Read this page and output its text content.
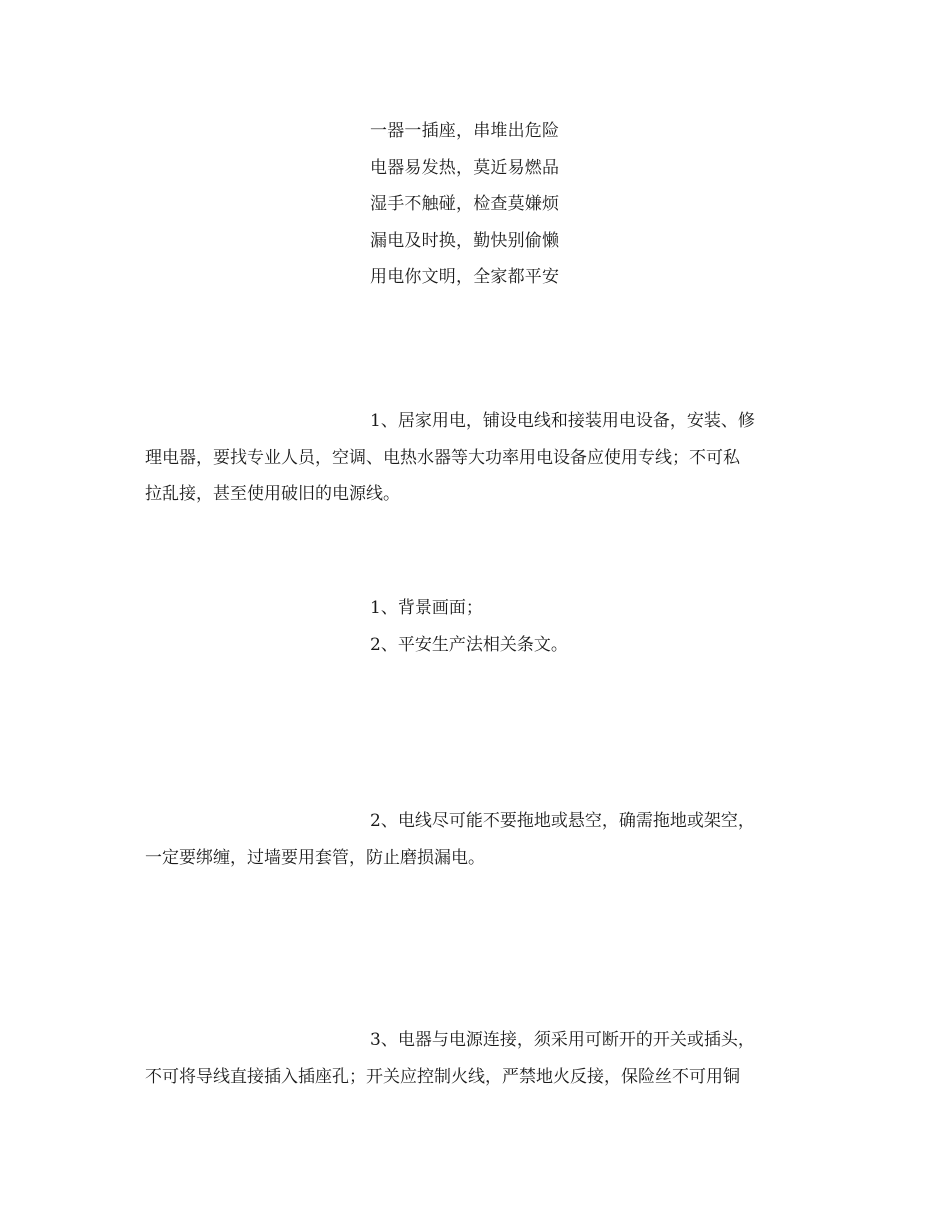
一器一插座，串堆出危险
电器易发热，莫近易燃品
湿手不触碰，检查莫嫌烦
漏电及时换，勤快别偷懒
用电你文明，全家都平安
1、居家用电，铺设电线和接装用电设备，安装、修
理电器，要找专业人员，空调、电热水器等大功率用电设备应使用专线；不可私
拉乱接，甚至使用破旧的电源线。
1、背景画面；
2、平安生产法相关条文。
2、电线尽可能不要拖地或悬空，确需拖地或架空，
一定要绑缠，过墙要用套管，防止磨损漏电。
3、电器与电源连接，须采用可断开的开关或插头，
不可将导线直接插入插座孔；开关应控制火线，严禁地火反接，保险丝不可用铜
